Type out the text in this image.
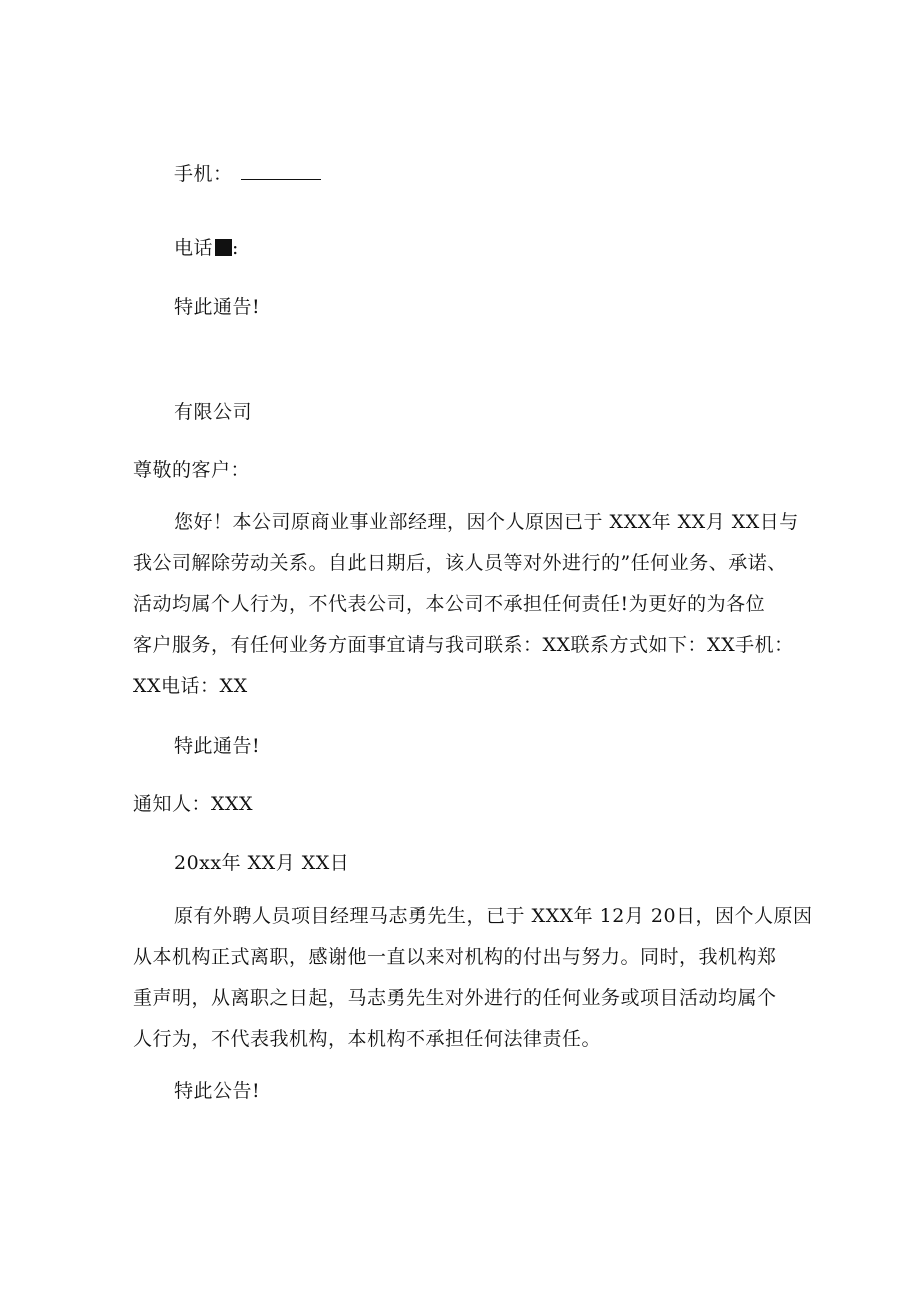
手机：
电话 :
特此通告!
有限公司
尊敬的客户：
您好！本公司原商业事业部经理，因个人原因已于 XXX年 XX月 XX日与
我公司解除劳动关系。自此日期后，该人员等对外进行的”任何业务、承诺、
活动均属个人行为，不代表公司，本公司不承担任何责任!为更好的为各位
客户服务，有任何业务方面事宜请与我司联系：XX联系方式如下：XX手机：
XX电话：XX
特此通告!
通知人：XXX
20xx年 XX月 XX日
原有外聘人员项目经理马志勇先生，已于 XXX年 12月 20日，因个人原因
从本机构正式离职，感谢他一直以来对机构的付出与努力。同时，我机构郑
重声明，从离职之日起，马志勇先生对外进行的任何业务或项目活动均属个
人行为，不代表我机构，本机构不承担任何法律责任。
特此公告!
